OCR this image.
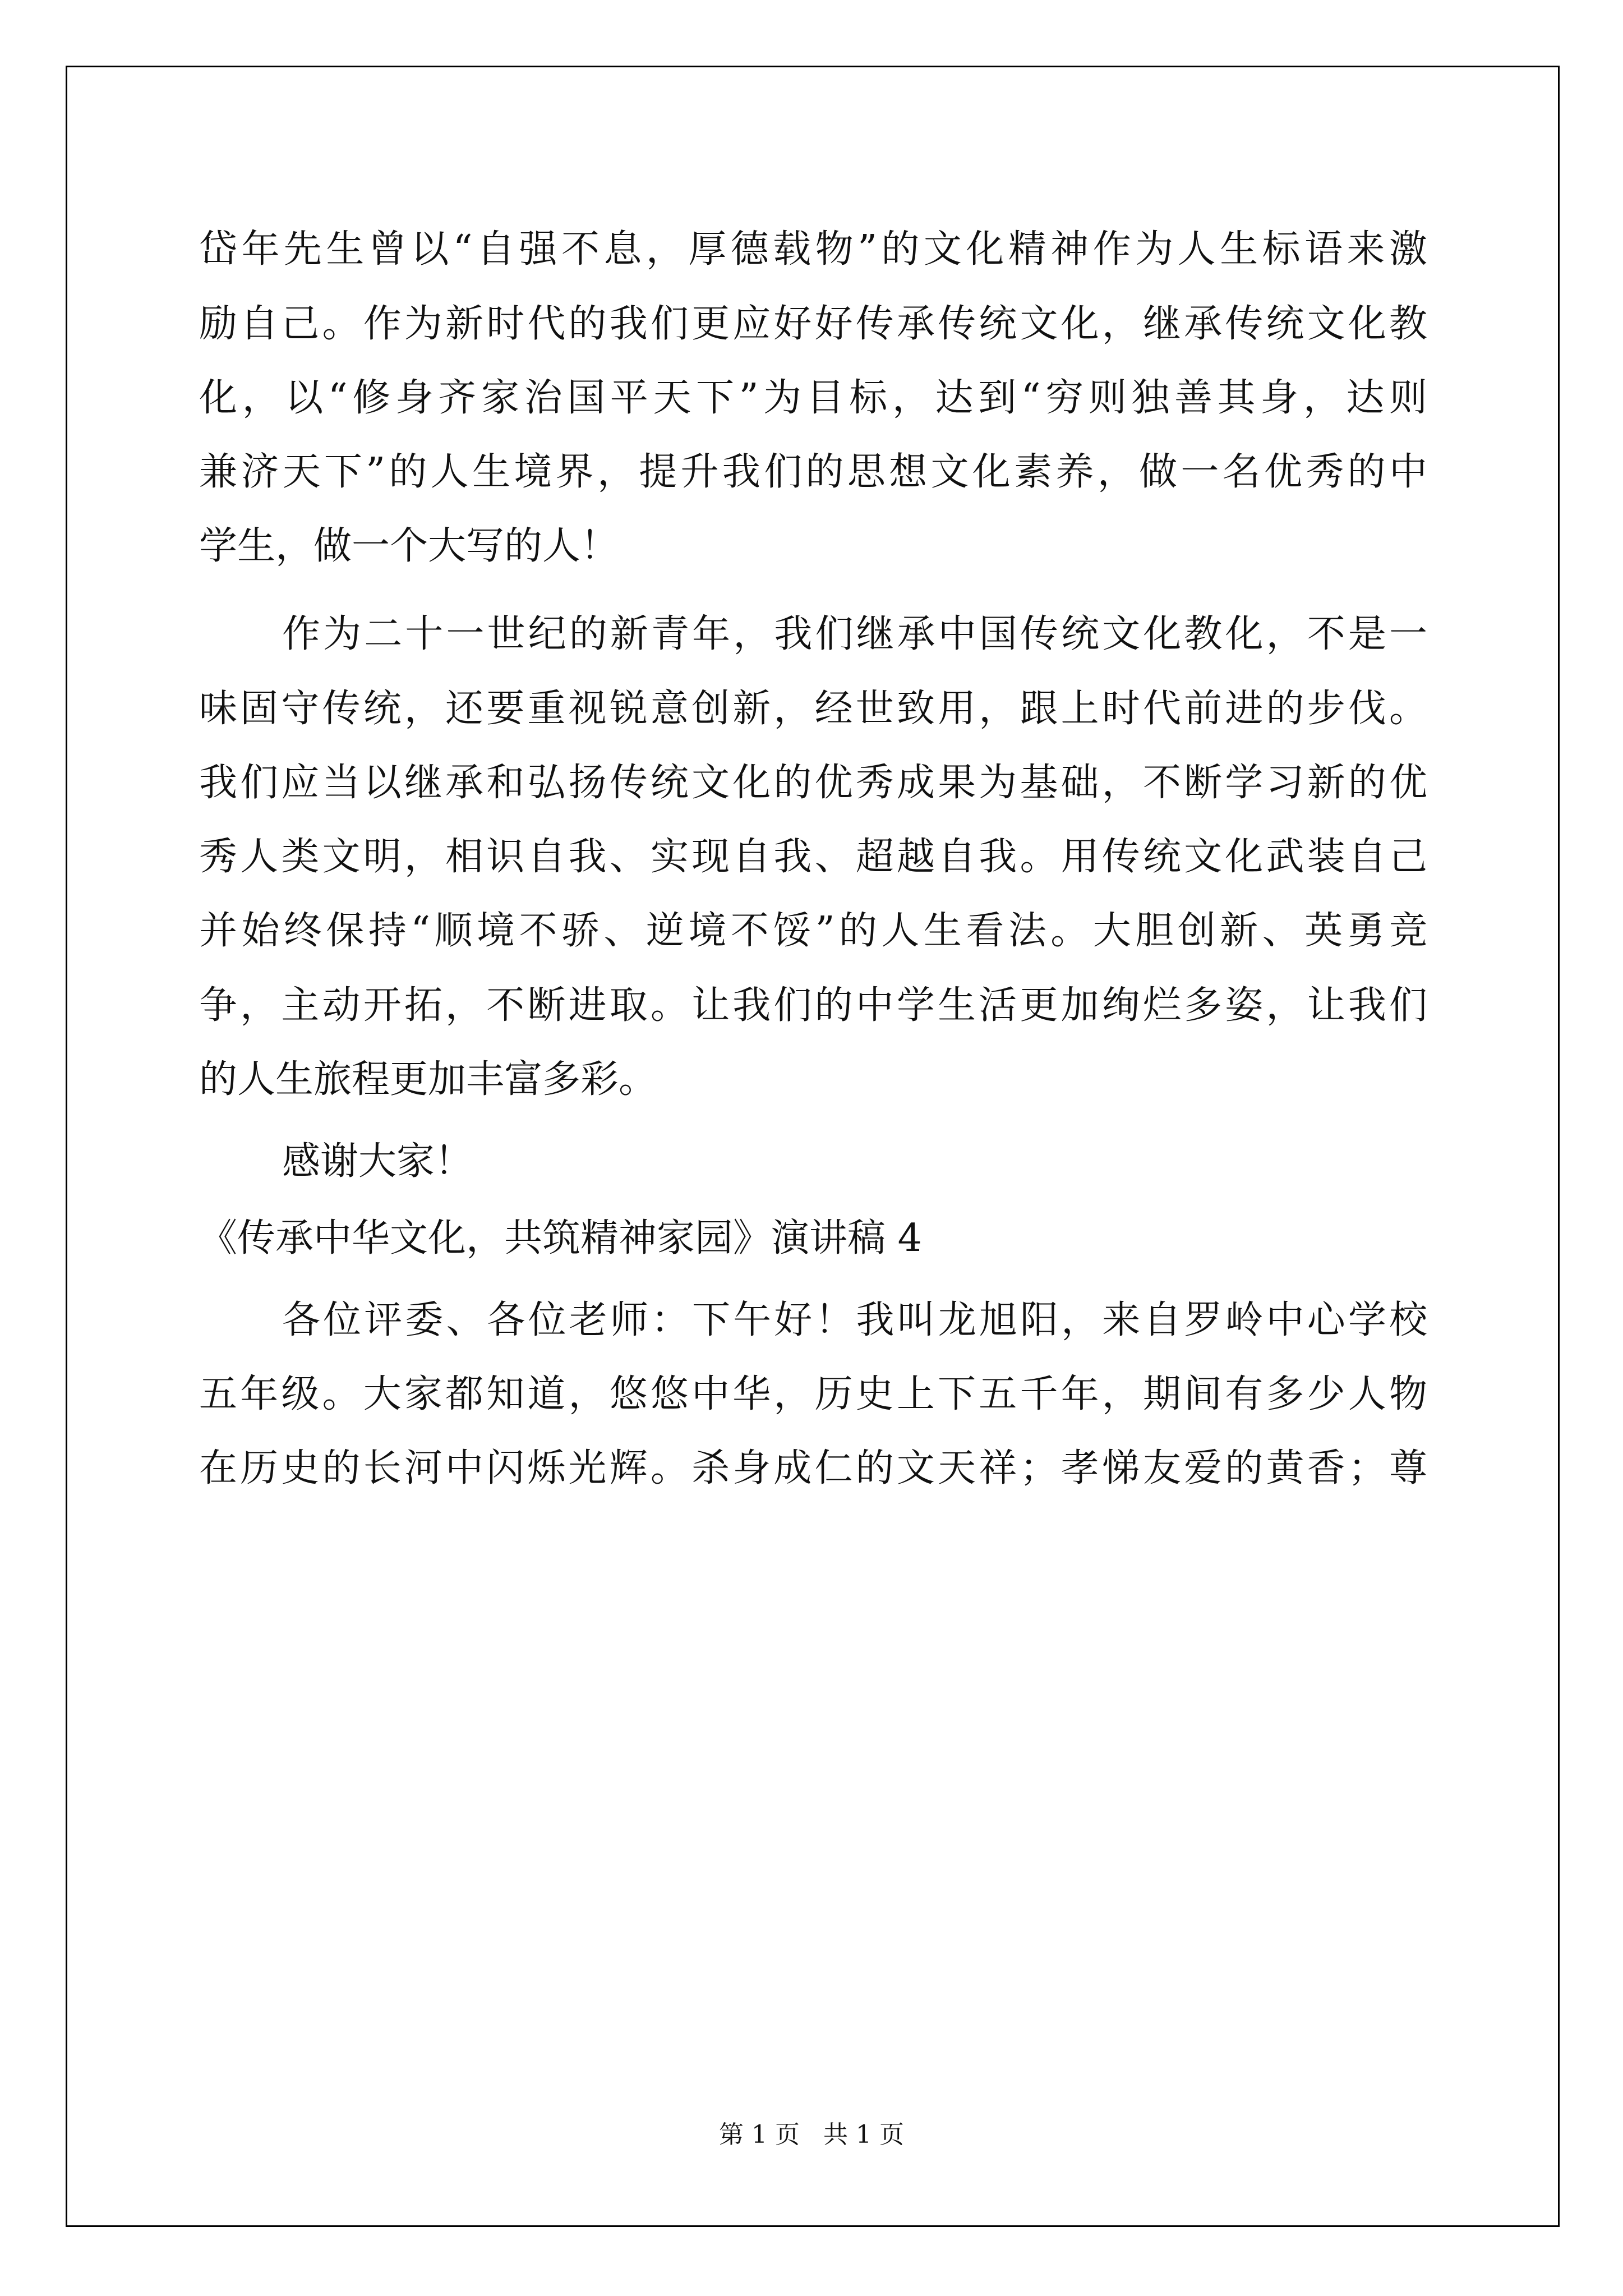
岱年先生曾以“自强不息，厚德载物”的文化精神作为人生标语来激
励自己。作为新时代的我们更应好好传承传统文化，继承传统文化教
化，以“修身齐家治国平天下”为目标，达到“穷则独善其身，达则
兼济天下”的人生境界，提升我们的思想文化素养，做一名优秀的中
学生，做一个大写的人！
作为二十一世纪的新青年，我们继承中国传统文化教化，不是一
味固守传统，还要重视锐意创新，经世致用，跟上时代前进的步伐。
我们应当以继承和弘扬传统文化的优秀成果为基础，不断学习新的优
秀人类文明，相识自我、实现自我、超越自我。用传统文化武装自己
并始终保持“顺境不骄、逆境不馁”的人生看法。大胆创新、英勇竞
争，主动开拓，不断进取。让我们的中学生活更加绚烂多姿，让我们
的人生旅程更加丰富多彩。
感谢大家！
《传承中华文化，共筑精神家园》演讲稿 4
各位评委、各位老师：下午好！我叫龙旭阳，来自罗岭中心学校
五年级。大家都知道，悠悠中华，历史上下五千年，期间有多少人物
在历史的长河中闪烁光辉。杀身成仁的文天祥；孝悌友爱的黄香；尊
第 1 页   共 1 页
